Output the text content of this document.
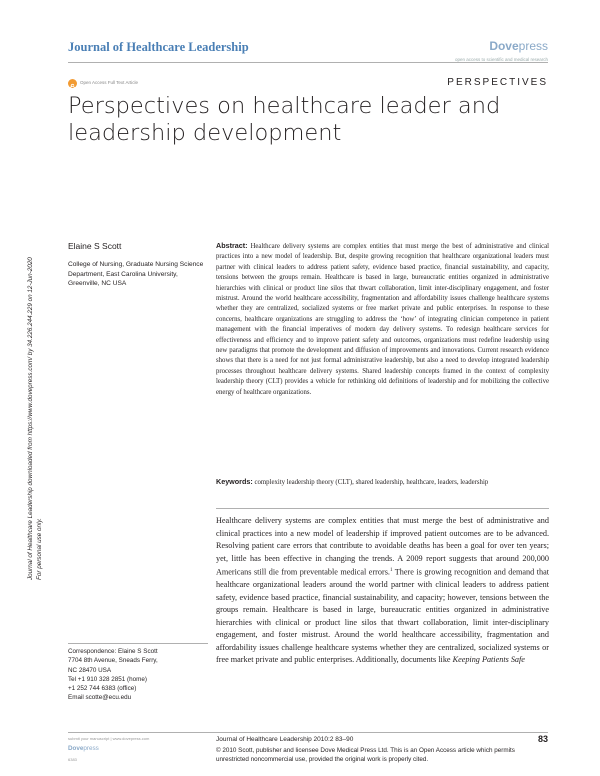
Journal of Healthcare Leadership	Dovepress
open access to scientific and medical research
Open Access Full Text Article	PERSPECTIVES
Perspectives on healthcare leader and leadership development
Journal of Healthcare Leadership downloaded from https://www.dovepress.com/ by 34.226.244.229 on 12-Jun-2020 For personal use only.
Elaine S Scott
College of Nursing, Graduate Nursing Science Department, East Carolina University, Greenville, NC USA
Abstract: Healthcare delivery systems are complex entities that must merge the best of administrative and clinical practices into a new model of leadership. But, despite growing recognition that healthcare organizational leaders must partner with clinical leaders to address patient safety, evidence based practice, financial sustainability, and capacity, tensions between the groups remain. Healthcare is based in large, bureaucratic entities organized in administrative hierarchies with clinical or product line silos that thwart collaboration, limit inter-disciplinary engagement, and foster mistrust. Around the world healthcare accessibility, fragmentation and affordability issues challenge healthcare systems whether they are centralized, socialized systems or free market private and public enterprises. In response to these concerns, healthcare organizations are struggling to address the ‘how’ of integrating clinician competence in patient management with the financial imperatives of modern day delivery systems. To redesign healthcare services for effectiveness and efficiency and to improve patient safety and outcomes, organizations must redefine leadership using new paradigms that promote the development and diffusion of improvements and innovations. Current research evidence shows that there is a need for not just formal administrative leadership, but also a need to develop integrated leadership processes throughout healthcare delivery systems. Shared leadership concepts framed in the context of complexity leadership theory (CLT) provides a vehicle for rethinking old definitions of leadership and for mobilizing the collective energy of healthcare organizations.
Keywords: complexity leadership theory (CLT), shared leadership, healthcare, leaders, leadership
Healthcare delivery systems are complex entities that must merge the best of administrative and clinical practices into a new model of leadership if improved patient outcomes are to be advanced. Resolving patient care errors that contribute to avoidable deaths has been a goal for over ten years; yet, little has been effective in changing the trends. A 2009 report suggests that around 200,000 Americans still die from preventable medical errors.$^1$ There is growing recognition and demand that healthcare organizational leaders around the world partner with clinical leaders to address patient safety, evidence based practice, financial sustainability, and capacity; however, tensions between the groups remain. Healthcare is based in large, bureaucratic entities organized in administrative hierarchies with clinical or product line silos that thwart collaboration, limit inter-disciplinary engagement, and foster mistrust. Around the world healthcare accessibility, fragmentation and affordability issues challenge healthcare systems whether they are centralized, socialized systems or free market private and public enterprises. Additionally, documents like Keeping Patients Safe
Correspondence: Elaine S Scott
7704 8th Avenue, Sneads Ferry,
NC 28470 USA
Tel +1 910 328 2851 (home)
+1 252 744 6383 (office)
Email scotte@ecu.edu
submit your manuscript | www.dovepress.com
Dovepress
6383
Journal of Healthcare Leadership 2010:2 83–90
© 2010 Scott, publisher and licensee Dove Medical Press Ltd. This is an Open Access article which permits unrestricted noncommercial use, provided the original work is properly cited.
83
